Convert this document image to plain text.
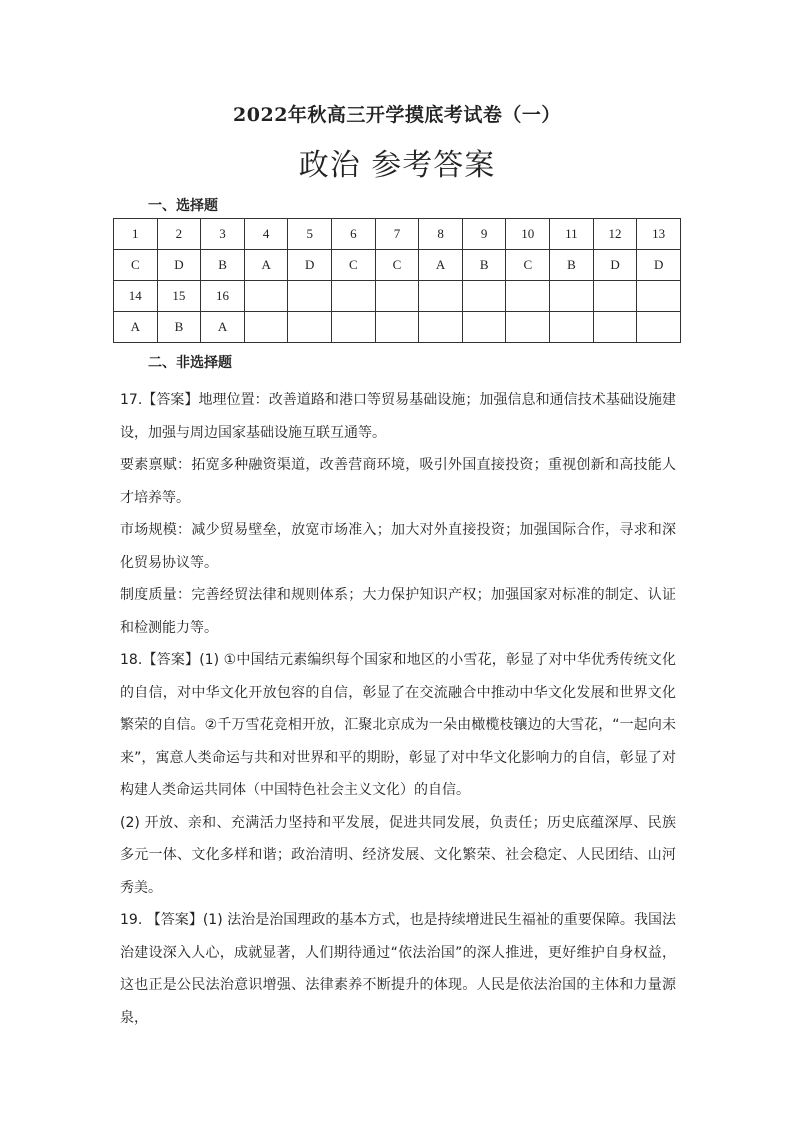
2022年秋高三开学摸底考试卷（一）
政治 参考答案
一、选择题
1	2	3	4	5	6	7	8	9	10	11	12	13
C	D	B	A	D	C	C	A	B	C	B	D	D
14	15	16										
A	B	A										
二、非选择题

17.【答案】地理位置：改善道路和港口等贸易基础设施；加强信息和通信技术基础设施建设，加强与周边国家基础设施互联互通等。

要素禀赋：拓宽多种融资渠道，改善营商环境，吸引外国直接投资；重视创新和高技能人才培养等。

市场规模：减少贸易壁垒，放宽市场准入；加大对外直接投资；加强国际合作，寻求和深化贸易协议等。

制度质量：完善经贸法律和规则体系；大力保护知识产权；加强国家对标准的制定、认证和检测能力等。

18.【答案】(1) ①中国结元素编织每个国家和地区的小雪花，彰显了对中华优秀传统文化的自信，对中华文化开放包容的自信，彰显了在交流融合中推动中华文化发展和世界文化繁荣的自信。②千万雪花竞相开放，汇聚北京成为一朵由橄榄枝镶边的大雪花，“一起向未来”，寓意人类命运与共和对世界和平的期盼，彰显了对中华文化影响力的自信，彰显了对构建人类命运共同体（中国特色社会主义文化）的自信。

(2) 开放、亲和、充满活力坚持和平发展，促进共同发展，负责任；历史底蕴深厚、民族多元一体、文化多样和谐；政治清明、经济发展、文化繁荣、社会稳定、人民团结、山河秀美。

19. 【答案】(1) 法治是治国理政的基本方式，也是持续增进民生福祉的重要保障。我国法治建设深入人心，成就显著，人们期待通过“依法治国”的深人推进，更好维护自身权益，这也正是公民法治意识增强、法律素养不断提升的体现。人民是依法治国的主体和力量源泉，
